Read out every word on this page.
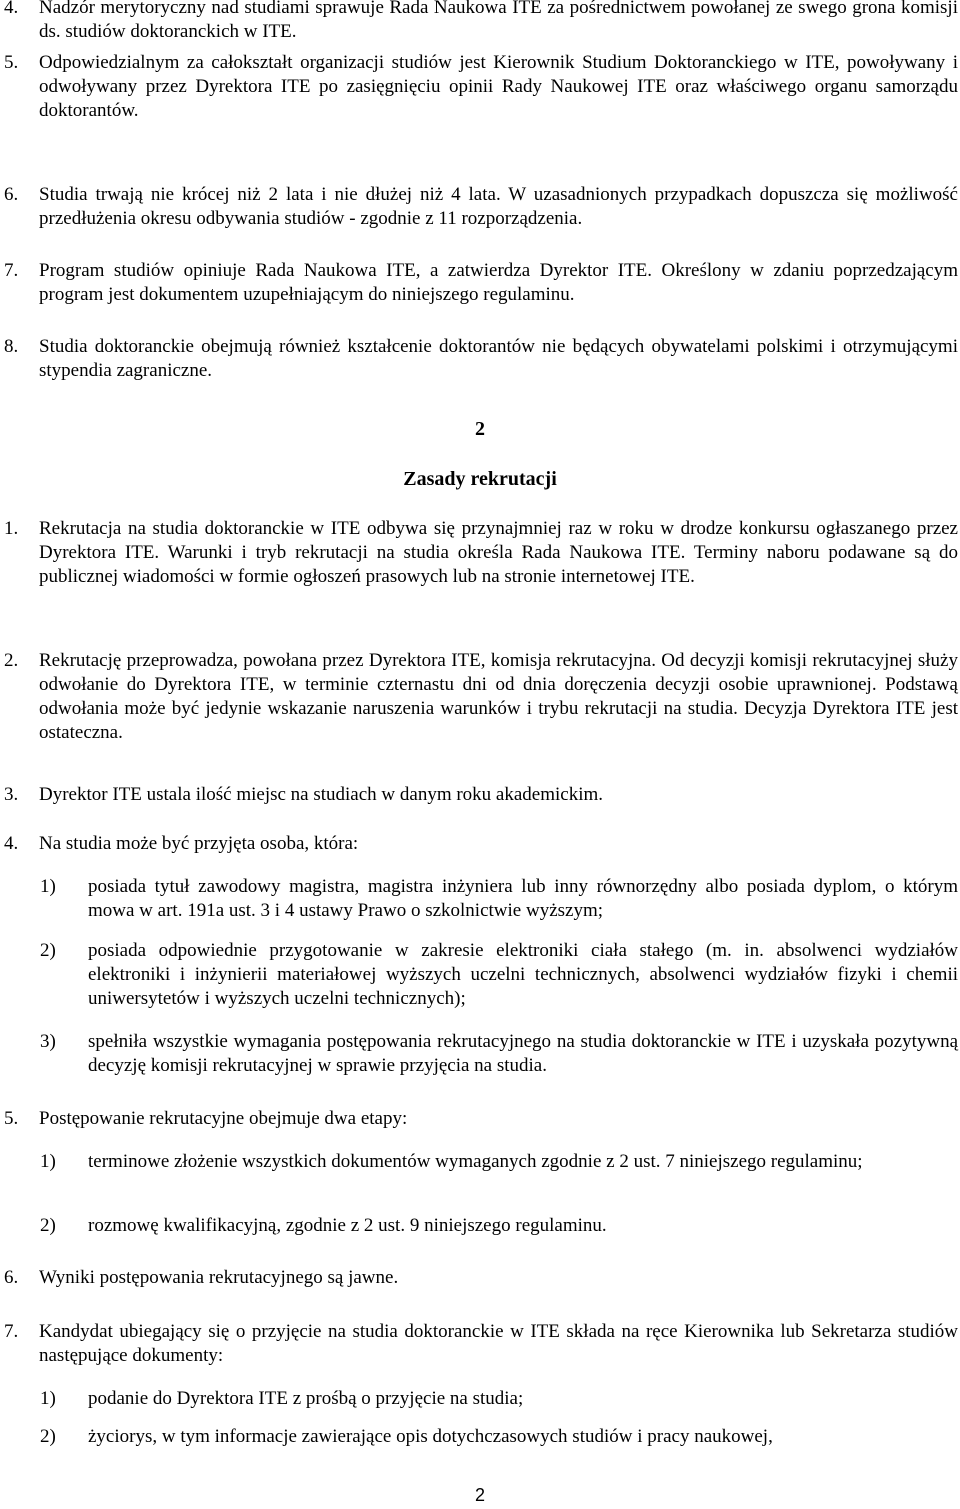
4. Nadzór merytoryczny nad studiami sprawuje Rada Naukowa ITE za pośrednictwem powołanej ze swego grona komisji ds. studiów doktoranckich w ITE.
5. Odpowiedzialnym za całokształt organizacji studiów jest Kierownik Studium Doktoranckiego w ITE, powoływany i odwoływany przez Dyrektora ITE po zasięgnięciu opinii Rady Naukowej ITE oraz właściwego organu samorządu doktorantów.
6. Studia trwają nie krócej niż 2 lata i nie dłużej niż 4 lata. W uzasadnionych przypadkach dopuszcza się możliwość przedłużenia okresu odbywania studiów - zgodnie z 11 rozporządzenia.
7. Program studiów opiniuje Rada Naukowa ITE, a zatwierdza Dyrektor ITE. Określony w zdaniu poprzedzającym program jest dokumentem uzupełniającym do niniejszego regulaminu.
8. Studia doktoranckie obejmują również kształcenie doktorantów nie będących obywatelami polskimi i otrzymującymi stypendia zagraniczne.
2
Zasady rekrutacji
1. Rekrutacja na studia doktoranckie w ITE odbywa się przynajmniej raz w roku w drodze konkursu ogłaszanego przez Dyrektora ITE. Warunki i tryb rekrutacji na studia określa Rada Naukowa ITE. Terminy naboru podawane są do publicznej wiadomości w formie ogłoszeń prasowych lub na stronie internetowej ITE.
2. Rekrutację przeprowadza, powołana przez Dyrektora ITE, komisja rekrutacyjna. Od decyzji komisji rekrutacyjnej służy odwołanie do Dyrektora ITE, w terminie czternastu dni od dnia doręczenia decyzji osobie uprawnionej. Podstawą odwołania może być jedynie wskazanie naruszenia warunków i trybu rekrutacji na studia. Decyzja Dyrektora ITE jest ostateczna.
3. Dyrektor ITE ustala ilość miejsc na studiach w danym roku akademickim.
4. Na studia może być przyjęta osoba, która:
1) posiada tytuł zawodowy magistra, magistra inżyniera lub inny równorzędny albo posiada dyplom, o którym mowa w art. 191a ust. 3 i 4 ustawy Prawo o szkolnictwie wyższym;
2) posiada odpowiednie przygotowanie w zakresie elektroniki ciała stałego (m. in. absolwenci wydziałów elektroniki i inżynierii materiałowej wyższych uczelni technicznych, absolwenci wydziałów fizyki i chemii uniwersytetów i wyższych uczelni technicznych);
3) spełniła wszystkie wymagania postępowania rekrutacyjnego na studia doktoranckie w ITE i uzyskała pozytywną decyzję komisji rekrutacyjnej w sprawie przyjęcia na studia.
5. Postępowanie rekrutacyjne obejmuje dwa etapy:
1) terminowe złożenie wszystkich dokumentów wymaganych zgodnie z 2 ust. 7 niniejszego regulaminu;
2) rozmowę kwalifikacyjną, zgodnie z 2 ust. 9 niniejszego regulaminu.
6. Wyniki postępowania rekrutacyjnego są jawne.
7. Kandydat ubiegający się o przyjęcie na studia doktoranckie w ITE składa na ręce Kierownika lub Sekretarza studiów następujące dokumenty:
1) podanie do Dyrektora ITE z prośbą o przyjęcie na studia;
2) życiorys, w tym informacje zawierające opis dotychczasowych studiów i pracy naukowej,
2
